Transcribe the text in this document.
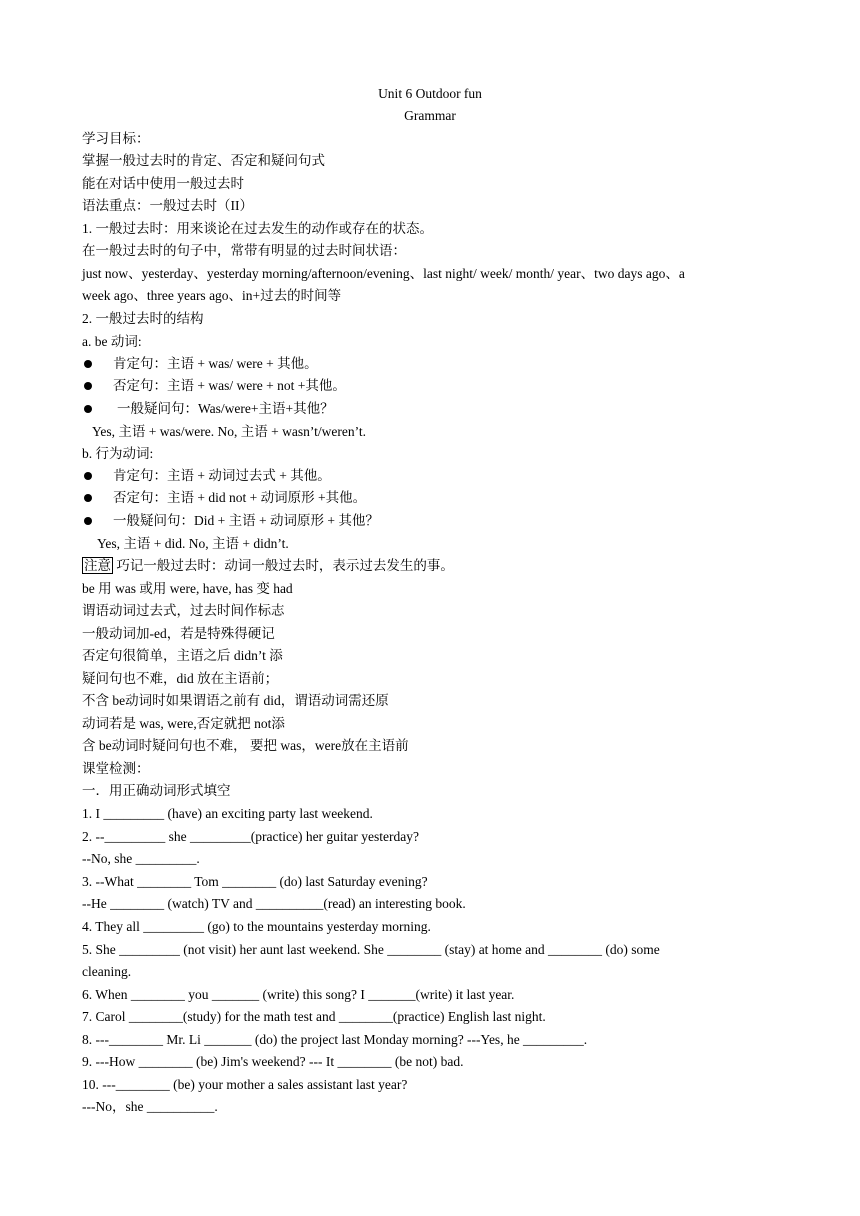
Unit 6 Outdoor fun
Grammar
学习目标：
掌握一般过去时的肯定、否定和疑问句式
能在对话中使用一般过去时
语法重点：一般过去时（II）
1. 一般过去时：用来谈论在过去发生的动作或存在的状态。
在一般过去时的句子中，常带有明显的过去时间状语：
just now、yesterday、yesterday morning/afternoon/evening、last night/ week/ month/ year、two days ago、a
week ago、three years ago、in+过去的时间等
2. 一般过去时的结构
a. be 动词:
肯定句：主语 + was/ were + 其他。
否定句：主语 + was/ were + not +其他。
一般疑问句：Was/were+主语+其他？
Yes, 主语 + was/were. No, 主语 + wasn’t/weren’t.
b. 行为动词:
肯定句：主语 + 动词过去式 + 其他。
否定句：主语 + did not + 动词原形 +其他。
一般疑问句：Did + 主语 + 动词原形 + 其他？
Yes, 主语 + did. No, 主语 + didn’t.
注意 巧记一般过去时：动词一般过去时，表示过去发生的事。
be 用 was 或用 were, have, has 变 had
谓语动词过去式，过去时间作标志
一般动词加-ed，若是特殊得硬记
否定句很简单，主语之后 didn’t 添
疑问句也不难，did 放在主语前；
不含 be动词时如果谓语之前有 did，谓语动词需还原
动词若是 was, were,否定就把 not添
含 be动词时疑问句也不难， 要把 was，were放在主语前
课堂检测：
一．用正确动词形式填空
1. I _________ (have) an exciting party last weekend.
2. --_________ she _________(practice) her guitar yesterday?
--No, she _________.
3. --What ________ Tom ________ (do) last Saturday evening?
--He ________ (watch) TV and __________(read) an interesting book.
4. They all _________ (go) to the mountains yesterday morning.
5. She _________ (not visit) her aunt last weekend. She ________ (stay) at home and ________ (do) some
cleaning.
6. When ________ you _______ (write) this song? I _______(write) it last year.
7. Carol ________(study) for the math test and ________(practice) English last night.
8. ---________ Mr. Li _______ (do) the project last Monday morning? ---Yes, he _________.
9. ---How ________ (be) Jim's weekend? --- It ________ (be not) bad.
10. ---________ (be) your mother a sales assistant last year?
---No，she __________.
